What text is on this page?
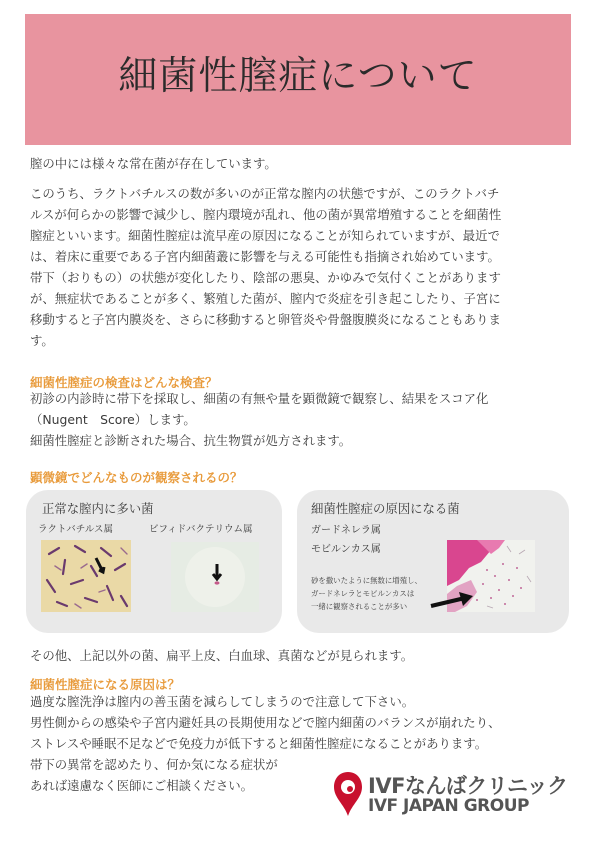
細菌性膣症について

膣の中には様々な常在菌が存在しています。

このうち、ラクトバチルスの数が多いのが正常な膣内の状態ですが、このラクトバチ
ルスが何らかの影響で減少し、膣内環境が乱れ、他の菌が異常増殖することを細菌性
膣症といいます。細菌性膣症は流早産の原因になることが知られていますが、最近で
は、着床に重要である子宮内細菌叢に影響を与える可能性も指摘され始めています。
帯下（おりもの）の状態が変化したり、陰部の悪臭、かゆみで気付くことがあります
が、無症状であることが多く、繁殖した菌が、膣内で炎症を引き起こしたり、子宮に
移動すると子宮内膜炎を、さらに移動すると卵管炎や骨盤腹膜炎になることもありま
す。
細菌性膣症の検査はどんな検査？
初診の内診時に帯下を採取し、細菌の有無や量を顕微鏡で観察し、結果をスコア化
（Nugent　Score）します。
細菌性膣症と診断された場合、抗生物質が処方されます。
顕微鏡でどんなものが観察されるの？
正常な膣内に多い菌
ラクトバチルス属	ビフィドバクテリウム属
細菌性膣症の原因になる菌
ガードネレラ属
モビルンカス属
砂を撒いたように無数に増殖し、
ガードネレラとモビルンカスは
一緒に観察されることが多い

その他、上記以外の菌、扁平上皮、白血球、真菌などが見られます。

細菌性膣症になる原因は？
過度な膣洗浄は膣内の善玉菌を減らしてしまうので注意して下さい。
男性側からの感染や子宮内避妊具の長期使用などで膣内細菌のバランスが崩れたり、
ストレスや睡眠不足などで免疫力が低下すると細菌性膣症になることがあります。
帯下の異常を認めたり、何か気になる症状が
あれば遠慮なく医師にご相談ください。	IVFなんばクリニック
IVF JAPAN GROUP
